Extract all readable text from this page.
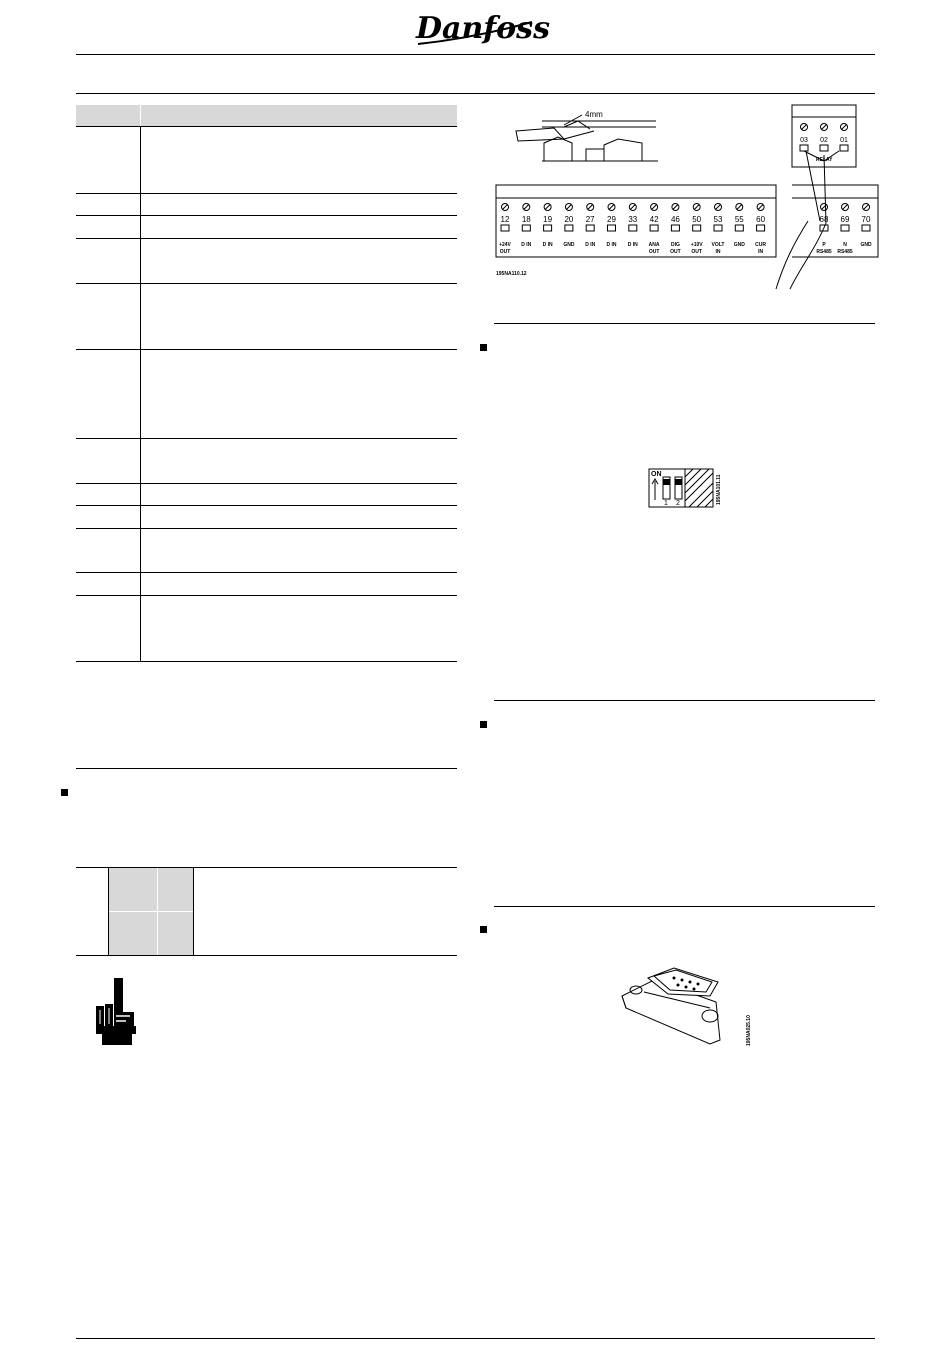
Danfoss
4mm
12
+24V
OUT
18
D IN
19
D IN
20
GND
27
D IN
29
D IN
33
D IN
42
ANA
OUT
46
DIG
OUT
50
+10V
OUT
53
VOLT
IN
55
GND
60
CUR
IN
03 02 01
RELAY
68
P
RS485
69
N
RS485
70
GND
195NA110.12
ON
1 2	195NA101.11
195NA025.10
